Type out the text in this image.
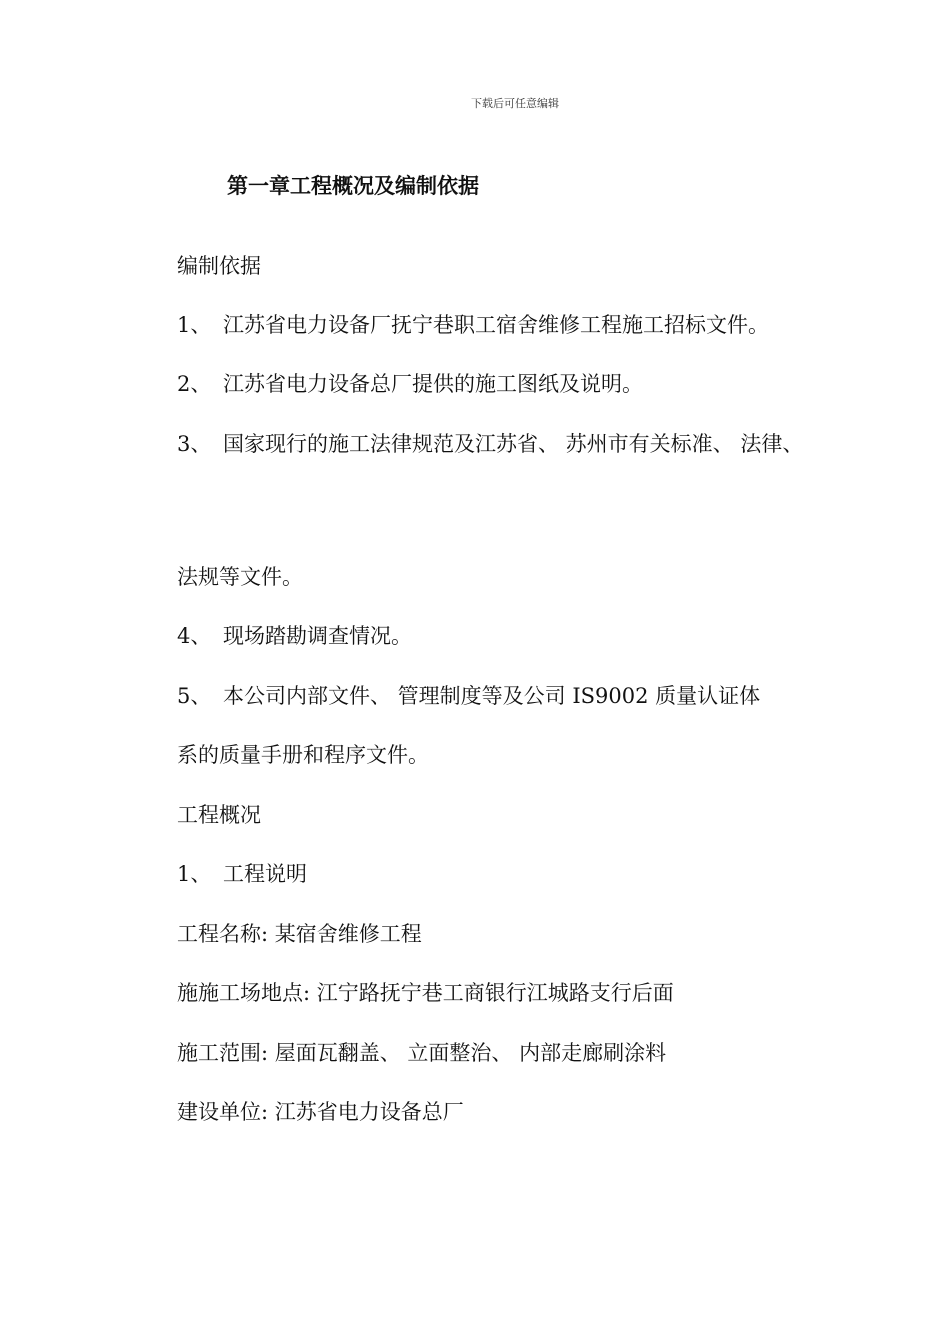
下载后可任意编辑
第一章工程概况及编制依据
编制依据
1、 江苏省电力设备厂抚宁巷职工宿舍维修工程施工招标文件。
2、 江苏省电力设备总厂提供的施工图纸及说明。
3、 国家现行的施工法律规范及江苏省、 苏州市有关标准、 法律、
法规等文件。
4、 现场踏勘调查情况。
5、 本公司内部文件、 管理制度等及公司 IS9002 质量认证体
系的质量手册和程序文件。
工程概况
1、 工程说明
工程名称: 某宿舍维修工程
施施工场地点: 江宁路抚宁巷工商银行江城路支行后面
施工范围: 屋面瓦翻盖、 立面整治、 内部走廊刷涂料
建设单位: 江苏省电力设备总厂
